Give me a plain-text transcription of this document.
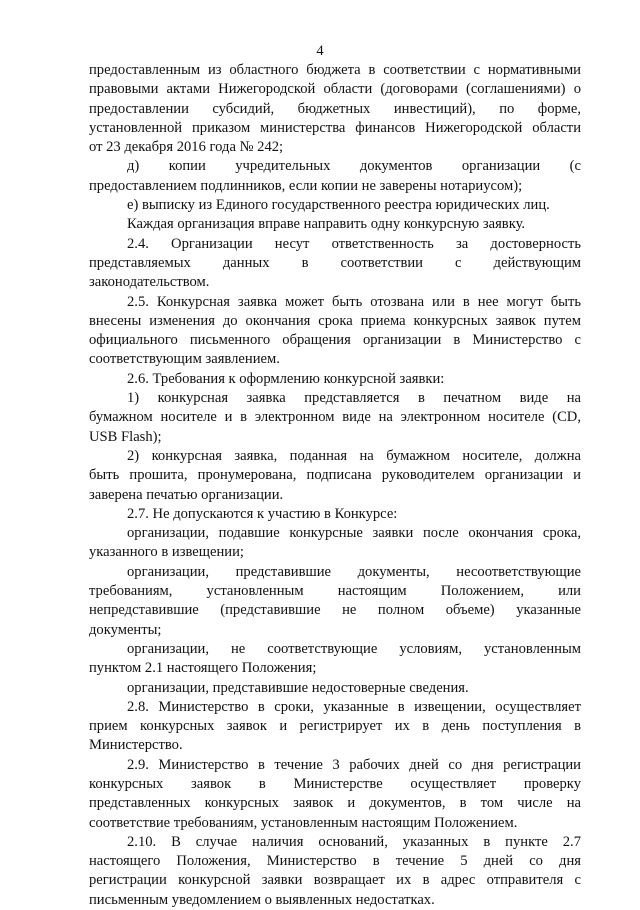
4
предоставленным из областного бюджета в соответствии с нормативными
правовыми актами Нижегородской области (договорами (соглашениями) о
предоставлении субсидий, бюджетных инвестиций), по форме,
установленной приказом министерства финансов Нижегородской области
от 23 декабря 2016 года № 242;
д) копии учредительных документов организации (с
предоставлением подлинников, если копии не заверены нотариусом);
е) выписку из Единого государственного реестра юридических лиц.
Каждая организация вправе направить одну конкурсную заявку.
2.4. Организации несут ответственность за достоверность
представляемых данных в соответствии с действующим
законодательством.
2.5. Конкурсная заявка может быть отозвана или в нее могут быть
внесены изменения до окончания срока приема конкурсных заявок путем
официального письменного обращения организации в Министерство с
соответствующим заявлением.
2.6. Требования к оформлению конкурсной заявки:
1) конкурсная заявка представляется в печатном виде на
бумажном носителе и в электронном виде на электронном носителе (CD,
USB Flash);
2) конкурсная заявка, поданная на бумажном носителе, должна
быть прошита, пронумерована, подписана руководителем организации и
заверена печатью организации.
2.7. Не допускаются к участию в Конкурсе:
организации, подавшие конкурсные заявки после окончания срока,
указанного в извещении;
организации, представившие документы, несоответствующие
требованиям, установленным настоящим Положением, или
непредставившие (представившие не полном объеме) указанные
документы;
организации, не соответствующие условиям, установленным
пунктом 2.1 настоящего Положения;
организации, представившие недостоверные сведения.
2.8. Министерство в сроки, указанные в извещении, осуществляет
прием конкурсных заявок и регистрирует их в день поступления в
Министерство.
2.9. Министерство в течение 3 рабочих дней со дня регистрации
конкурсных заявок в Министерстве осуществляет проверку
представленных конкурсных заявок и документов, в том числе на
соответствие требованиям, установленным настоящим Положением.
2.10. В случае наличия оснований, указанных в пункте 2.7
настоящего Положения, Министерство в течение 5 дней со дня
регистрации конкурсной заявки возвращает их в адрес отправителя с
письменным уведомлением о выявленных недостатках.
